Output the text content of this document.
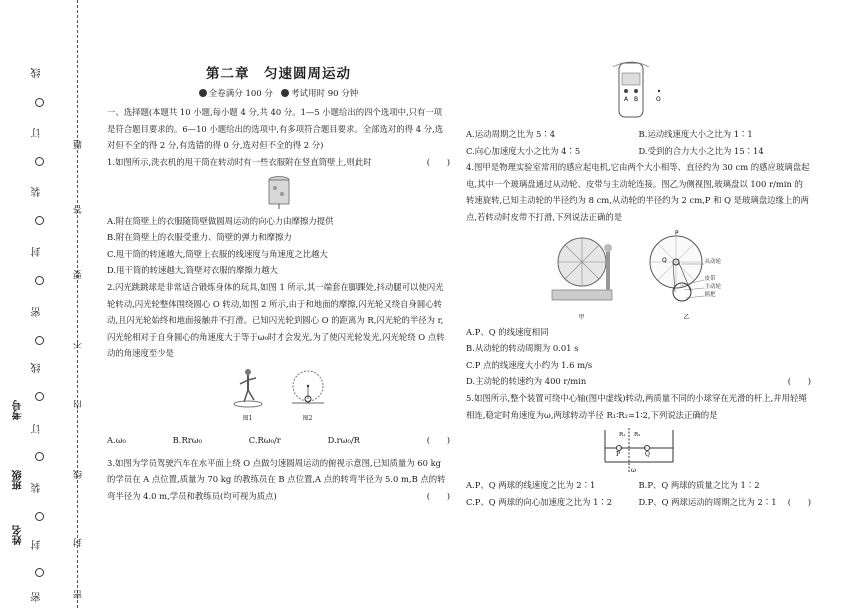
线
订
装
封
密
线
订
装
封
密
题
答
要
不
内
线
封
密
考号
班级
姓名
第二章　匀速圆周运动
全卷满分 100 分 考试用时 90 分钟

一、选择题(本题共 10 小题,每小题 4 分,共 40 分。1—5 小题给出的四个选项中,只有一项是符合题目要求的。6—10 小题给出的选项中,有多项符合题目要求。全部选对的得 4 分,选对但不全的得 2 分,有选错的得 0 分,选对但不全的得 2 分)

1.如图所示,洗衣机的甩干筒在转动时有一些衣服附在竖直筒壁上,则此时	(　　)

A.附在筒壁上的衣服随筒壁做圆周运动的向心力由摩擦力提供

B.附在筒壁上的衣服受重力、筒壁的弹力和摩擦力

C.甩干筒的转速越大,筒壁上衣服的线速度与角速度之比越大

D.甩干筒的转速越大,筒壁对衣服的摩擦力越大

2.闪光跳跳球是非常适合锻炼身体的玩具,如图 1 所示,其一端套在脚踝处,抖动腿可以使闪光轮转动,闪光轮整体围绕圆心 O 转动,如图 2 所示,由于和地面的摩擦,闪光轮又绕自身圆心转动,且闪光轮始终和地面接触并不打滑。已知闪光轮到圆心 O 的距离为 R,闪光轮的半径为 r,闪光轮相对于自身圆心的角速度大于等于ω₀时才会发光,为了使闪光轮发光,闪光轮绕 O 点转动的角速度至少是
(　　)

图1	图2
A.ω₀	B.Rrω₀	C.Rω₀/r	D.rω₀/R

3.如图为学员驾驶汽车在水平面上绕 O 点做匀速圆周运动的俯视示意图,已知质量为 60 kg 的学员在 A 点位置,质量为 70 kg 的教练员在 B 点位置,A 点的转弯半径为 5.0 m,B 点的转弯半径为 4.0 m,学员和教练员(均可视为质点)	(　　)

A B	O
A.运动周期之比为 5∶4	B.运动线速度大小之比为 1∶1
C.向心加速度大小之比为 4∶5	D.受到的合力大小之比为 15∶14

4.图甲是物理实验室常用的感应起电机,它由两个大小相等、直径约为 30 cm 的感应玻璃盘起电,其中一个玻璃盘通过从动轮、皮带与主动轮连接。图乙为侧视图,玻璃盘以 100 r/min 的转速旋转,已知主动轮的半径约为 8 cm,从动轮的半径约为 2 cm,P 和 Q 是玻璃盘边缘上的两点,若转动时皮带不打滑,下列说法正确的是
(　　)

甲
P
Q	从动轮
皮带
主动轮
摇把
乙

A.P、Q 的线速度相同

B.从动轮的转动周期为 0.01 s

C.P 点的线速度大小约为 1.6 m/s

D.主动轮的转速约为 400 r/min

5.如图所示,整个装置可绕中心轴(图中虚线)转动,两质量不同的小球穿在光滑的杆上,并用轻绳相连,稳定时角速度为ω,两球转动半径 R₁∶R₂=1∶2,下列说法正确的是
(　　)

P	Q
R₁ R₂
ω
A.P、Q 两球的线速度之比为 2∶1	B.P、Q 两球的质量之比为 1∶2
C.P、Q 两球的向心加速度之比为 1∶2	D.P、Q 两球运动的周期之比为 2∶1
